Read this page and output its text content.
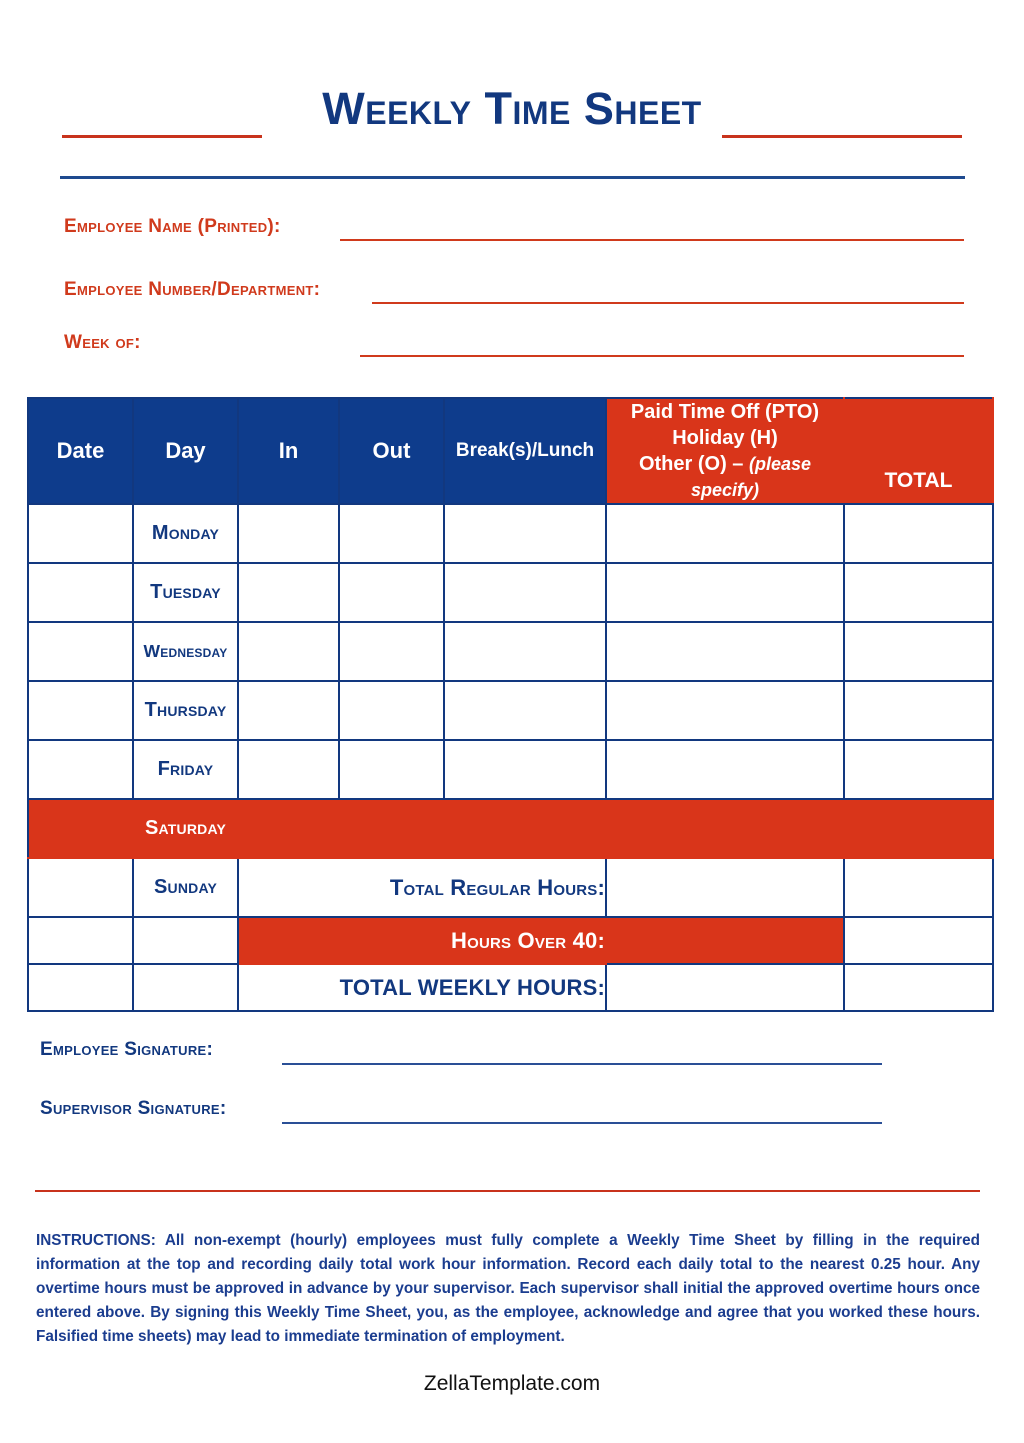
Weekly Time Sheet
Employee Name (Printed):
Employee Number/Department:
Week of:
Date	Day	In	Out	Break(s)/Lunch	Paid Time Off (PTO)
Holiday (H)
Other (O) – (please specify)	TOTAL
	Monday					
	Tuesday					
	Wednesday					
	Thursday					
	Friday					
	Saturday					
	Sunday	Total Regular Hours:				
		Hours Over 40:				
		TOTAL WEEKLY HOURS:				
Employee Signature:
Supervisor Signature:
INSTRUCTIONS: All non-exempt (hourly) employees must fully complete a Weekly Time Sheet by filling in the required information at the top and recording daily total work hour information. Record each daily total to the nearest 0.25 hour. Any overtime hours must be approved in advance by your supervisor. Each supervisor shall initial the approved overtime hours once entered above. By signing this Weekly Time Sheet, you, as the employee, acknowledge and agree that you worked these hours. Falsified time sheets) may lead to immediate termination of employment.
ZellaTemplate.com
